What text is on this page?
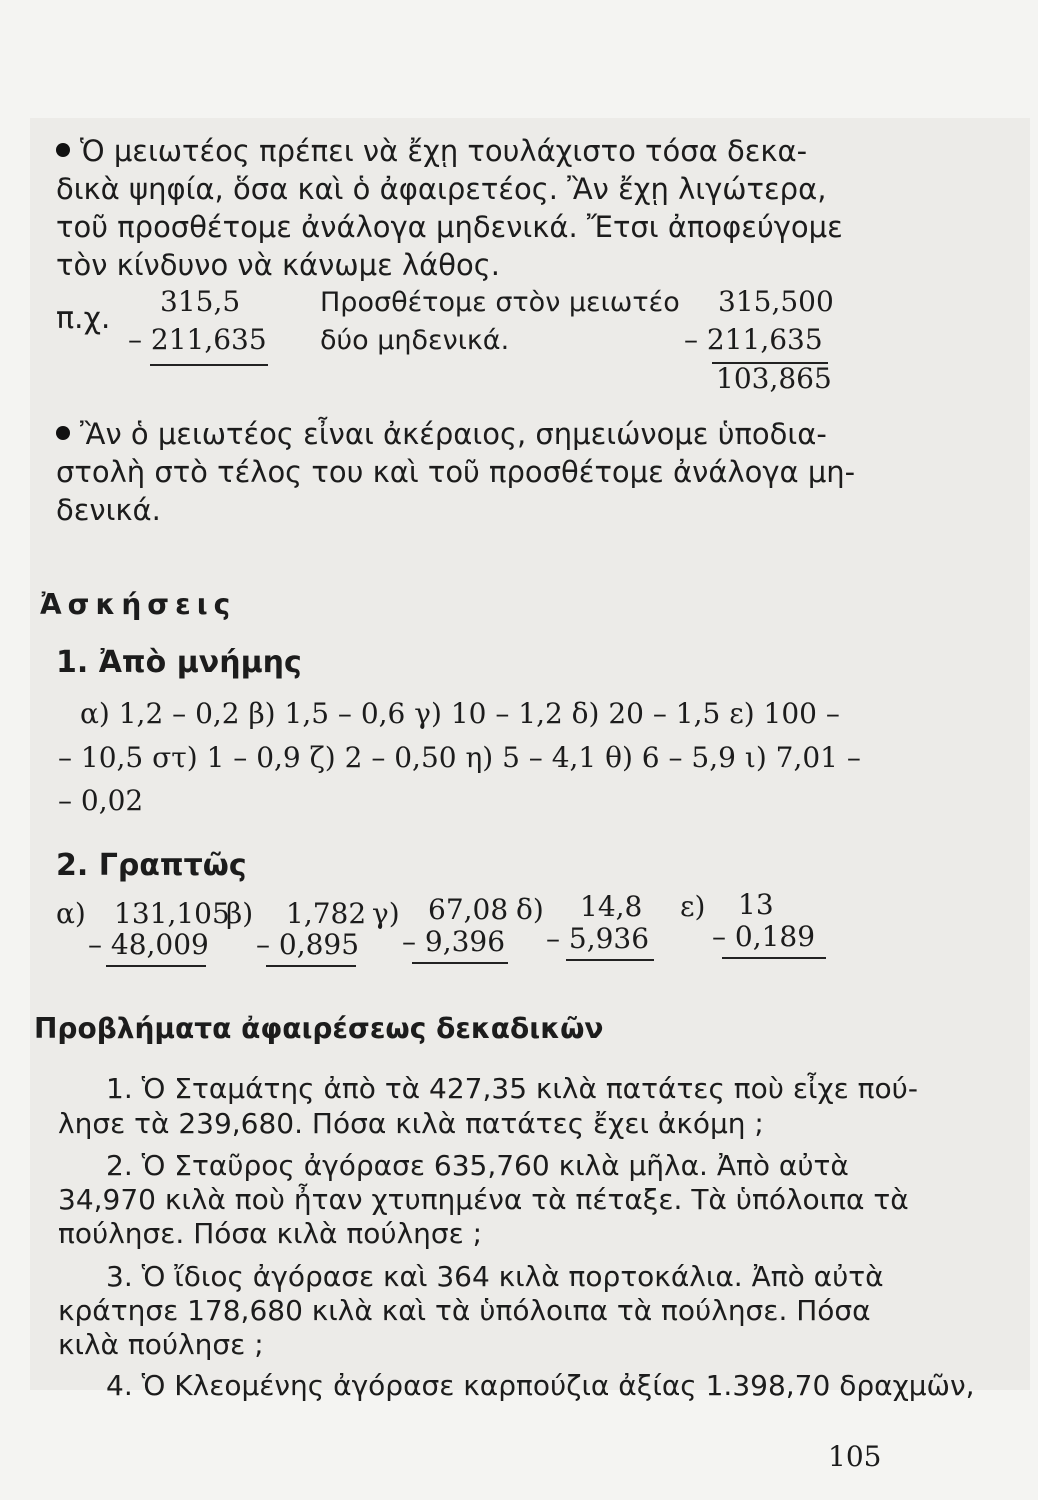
Ὁ μειωτέος πρέπει νὰ ἔχῃ τουλάχιστο τόσα δεκα-
δικὰ ψηφία, ὅσα καὶ ὁ ἀφαιρετέος. Ἂν ἔχῃ λιγώτερα,
τοῦ προσθέτομε ἀνάλογα μηδενικά. Ἔτσι ἀποφεύγομε
τὸν κίνδυνο νὰ κάνωμε λάθος.
π.χ. 315,5
– 211,635
Προσθέτομε στὸν μειωτέο
δύο μηδενικά.
315,500
– 211,635
103,865
Ἂν ὁ μειωτέος εἶναι ἀκέραιος, σημειώνομε ὑποδια-
στολὴ στὸ τέλος του καὶ τοῦ προσθέτομε ἀνάλογα μη-
δενικά.
Ἀσκήσεις
1. Ἀπὸ μνήμης
α) 1,2 – 0,2 β) 1,5 – 0,6 γ) 10 – 1,2 δ) 20 – 1,5 ε) 100 –
– 10,5 στ) 1 – 0,9 ζ) 2 – 0,50 η) 5 – 4,1 θ) 6 – 5,9 ι) 7,01 –
– 0,02
2. Γραπτῶς
α) 131,105
– 48,009
β) 1,782
– 0,895
γ) 67,08
– 9,396
δ) 14,8
– 5,936
ε) 13
– 0,189
Προβλήματα ἀφαιρέσεως δεκαδικῶν
1. Ὁ Σταμάτης ἀπὸ τὰ 427,35 κιλὰ πατάτες ποὺ εἶχε πού-
λησε τὰ 239,680. Πόσα κιλὰ πατάτες ἔχει ἀκόμη ;
2. Ὁ Σταῦρος ἀγόρασε 635,760 κιλὰ μῆλα. Ἀπὸ αὐτὰ
34,970 κιλὰ ποὺ ἦταν χτυπημένα τὰ πέταξε. Τὰ ὑπόλοιπα τὰ
πούλησε. Πόσα κιλὰ πούλησε ;
3. Ὁ ἴδιος ἀγόρασε καὶ 364 κιλὰ πορτοκάλια. Ἀπὸ αὐτὰ
κράτησε 178,680 κιλὰ καὶ τὰ ὑπόλοιπα τὰ πούλησε. Πόσα
κιλὰ πούλησε ;
4. Ὁ Κλεομένης ἀγόρασε καρπούζια ἀξίας 1.398,70 δραχμῶν,
105
